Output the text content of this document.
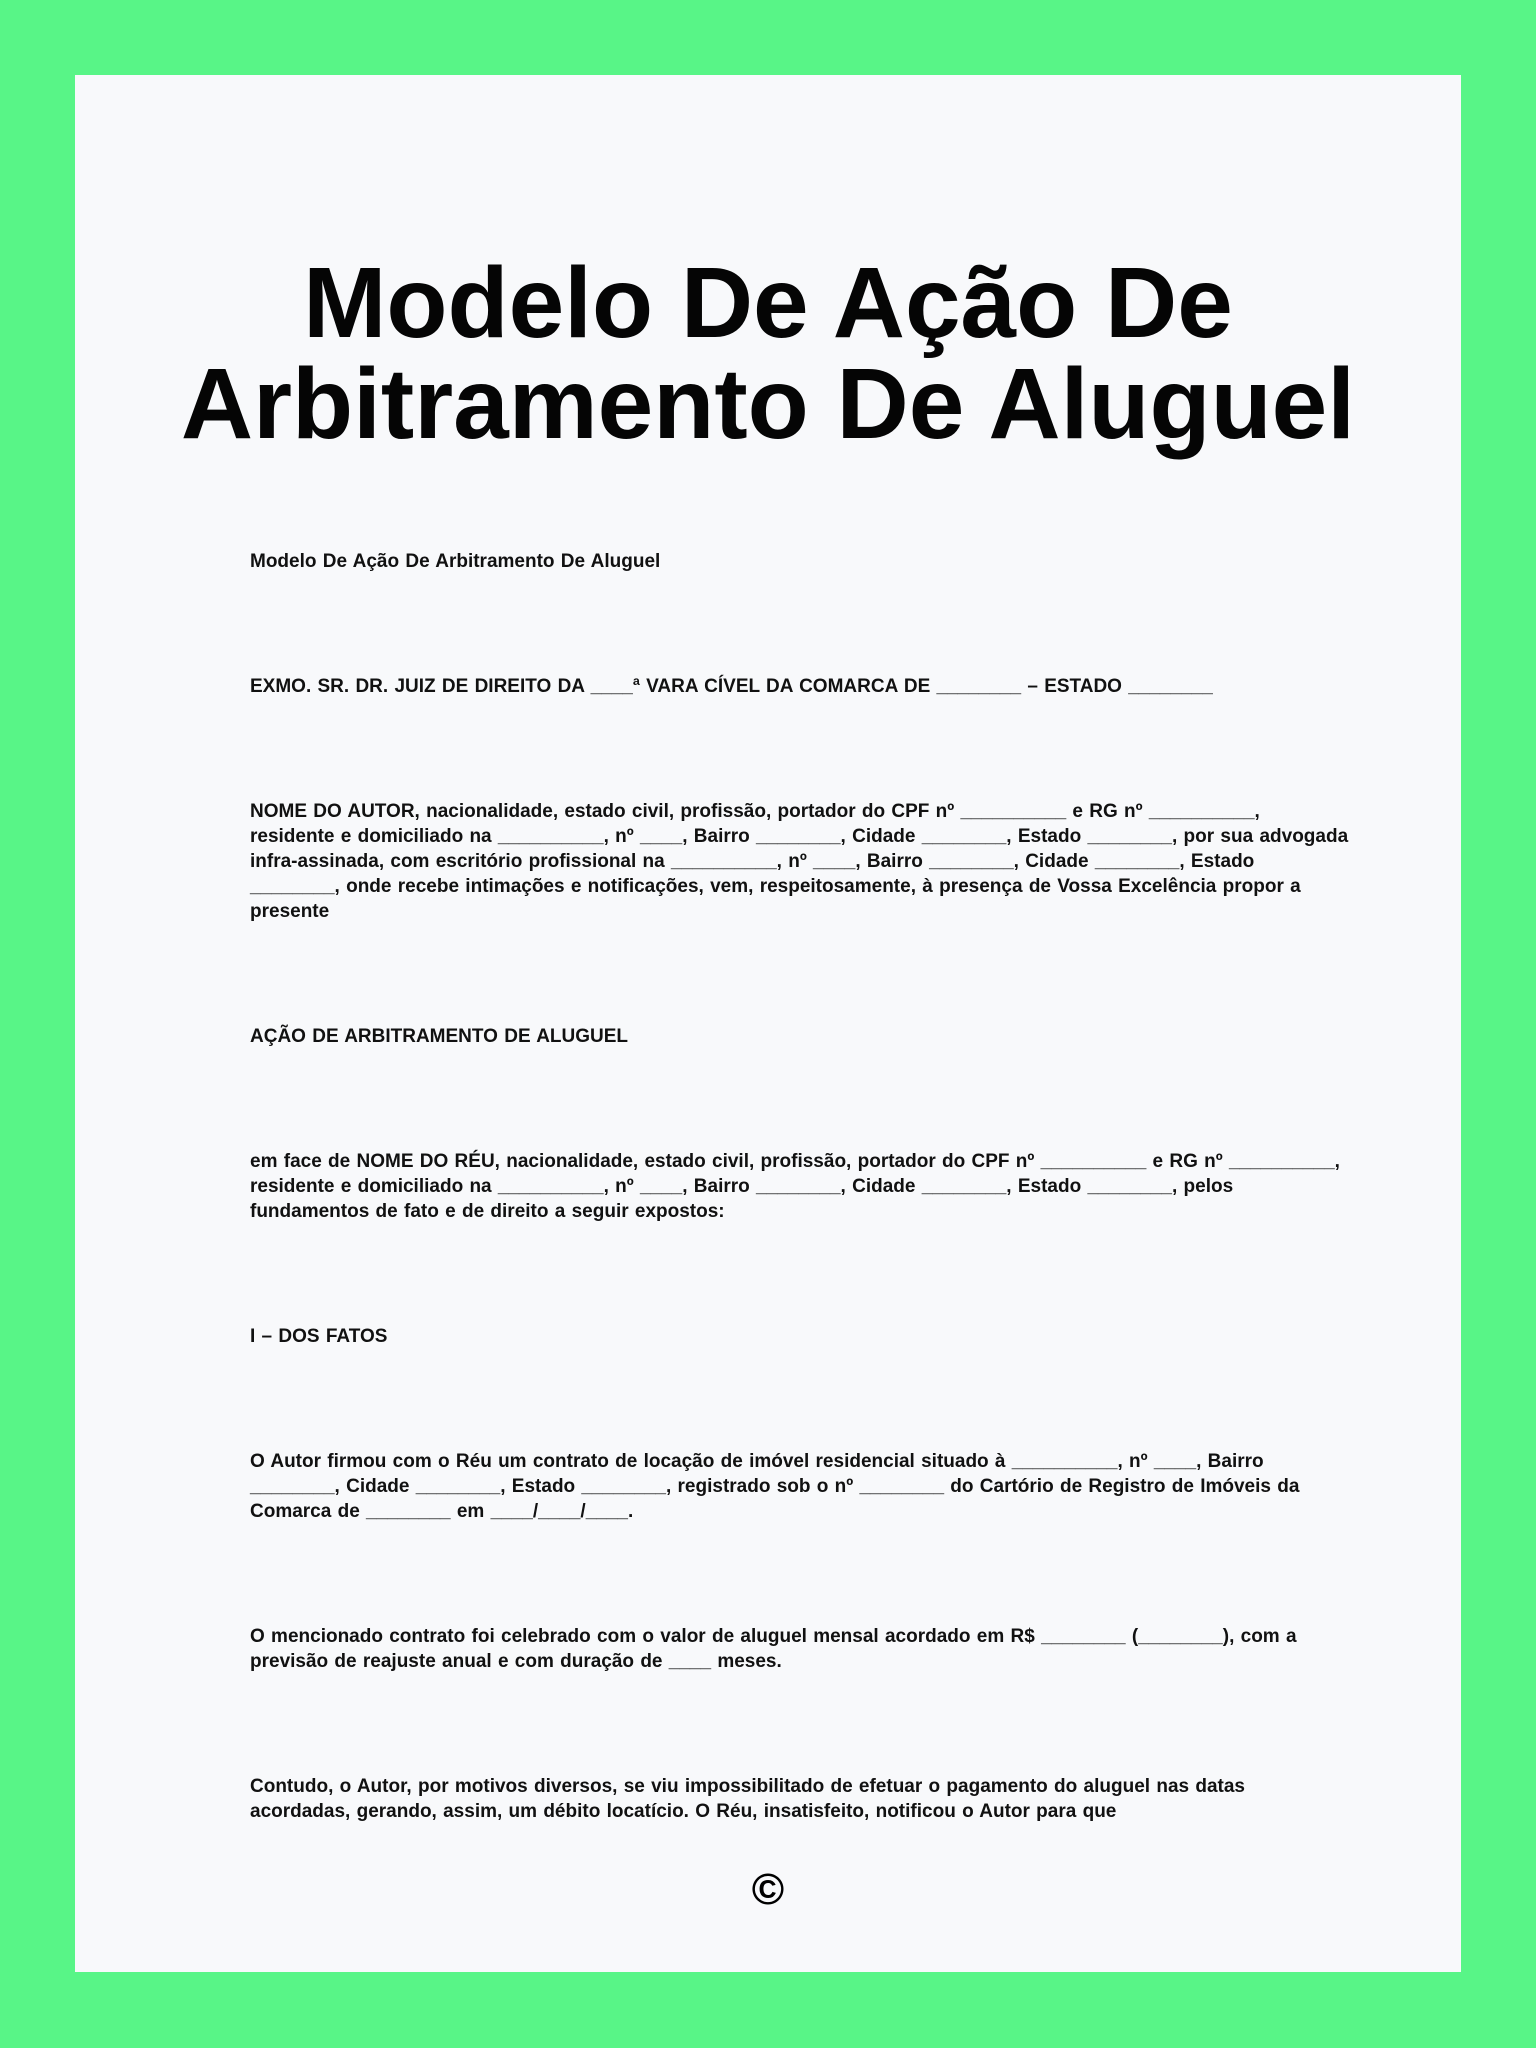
Modelo De Ação De Arbitramento De Aluguel

Modelo De Ação De Arbitramento De Aluguel

EXMO. SR. DR. JUIZ DE DIREITO DA ____ª VARA CÍVEL DA COMARCA DE ________ – ESTADO ________

NOME DO AUTOR, nacionalidade, estado civil, profissão, portador do CPF nº __________ e RG nº __________, residente e domiciliado na __________, nº ____, Bairro ________, Cidade ________, Estado ________, por sua advogada infra-assinada, com escritório profissional na __________, nº ____, Bairro ________, Cidade ________, Estado ________, onde recebe intimações e notificações, vem, respeitosamente, à presença de Vossa Excelência propor a presente

AÇÃO DE ARBITRAMENTO DE ALUGUEL

em face de NOME DO RÉU, nacionalidade, estado civil, profissão, portador do CPF nº __________ e RG nº __________, residente e domiciliado na __________, nº ____, Bairro ________, Cidade ________, Estado ________, pelos fundamentos de fato e de direito a seguir expostos:

I – DOS FATOS

O Autor firmou com o Réu um contrato de locação de imóvel residencial situado à __________, nº ____, Bairro ________, Cidade ________, Estado ________, registrado sob o nº ________ do Cartório de Registro de Imóveis da Comarca de ________ em ____/____/____.

O mencionado contrato foi celebrado com o valor de aluguel mensal acordado em R$ ________ (________), com a previsão de reajuste anual e com duração de ____ meses.

Contudo, o Autor, por motivos diversos, se viu impossibilitado de efetuar o pagamento do aluguel nas datas acordadas, gerando, assim, um débito locatício. O Réu, insatisfeito, notificou o Autor para que

©
